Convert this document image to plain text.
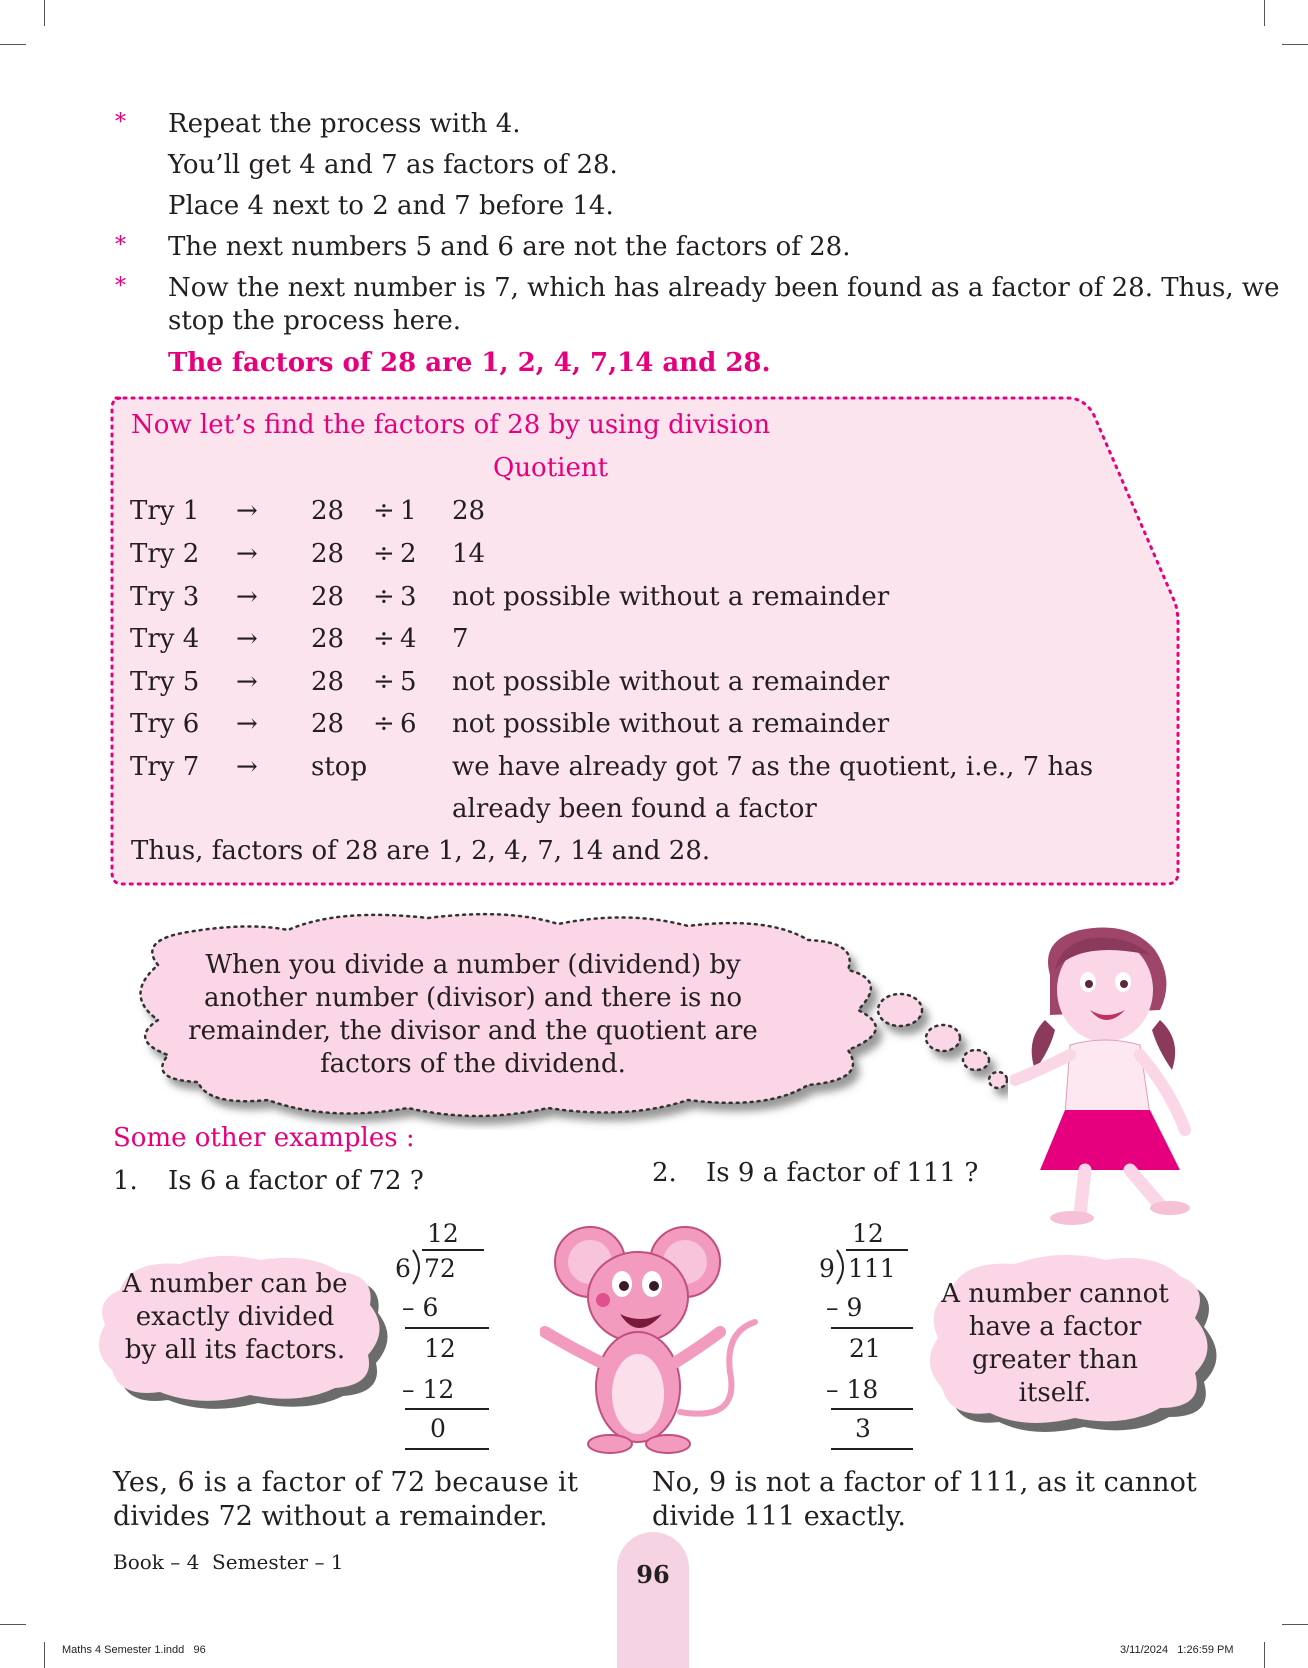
* Repeat the process with 4.
You’ll get 4 and 7 as factors of 28.
Place 4 next to 2 and 7 before 14.
* The next numbers 5 and 6 are not the factors of 28.
* Now the next number is 7, which has already been found as a factor of 28. Thus, we
stop the process here.
The factors of 28 are 1, 2, 4, 7,14 and 28.
Now let’s find the factors of 28 by using division
Quotient
Try 1 → 28 ÷ 1 28
Try 2 → 28 ÷ 2 14
Try 3 → 28 ÷ 3 not possible without a remainder
Try 4 → 28 ÷ 4 7
Try 5 → 28 ÷ 5 not possible without a remainder
Try 6 → 28 ÷ 6 not possible without a remainder
Try 7 → stop	we have already got 7 as the quotient, i.e., 7 has
already been found a factor
Thus, factors of 28 are 1, 2, 4, 7, 14 and 28.
When you divide a number (dividend) by
another number (divisor) and there is no
remainder, the divisor and the quotient are
factors of the dividend.
Some other examples :
1. Is 6 a factor of 72 ?	2. Is 9 a factor of 111 ?
12
6 72
– 6
12
– 12
0
12
9 111
– 9
21
– 18
3
A number can be
exactly divided
by all its factors.
A number cannot
have a factor
greater than
itself.
Yes, 6 is a factor of 72 because it
divides 72 without a remainder.
No, 9 is not a factor of 111, as it cannot
divide 111 exactly.
Book – 4  Semester – 1	96
Maths 4 Semester 1.indd   96	3/11/2024   1:26:59 PM
